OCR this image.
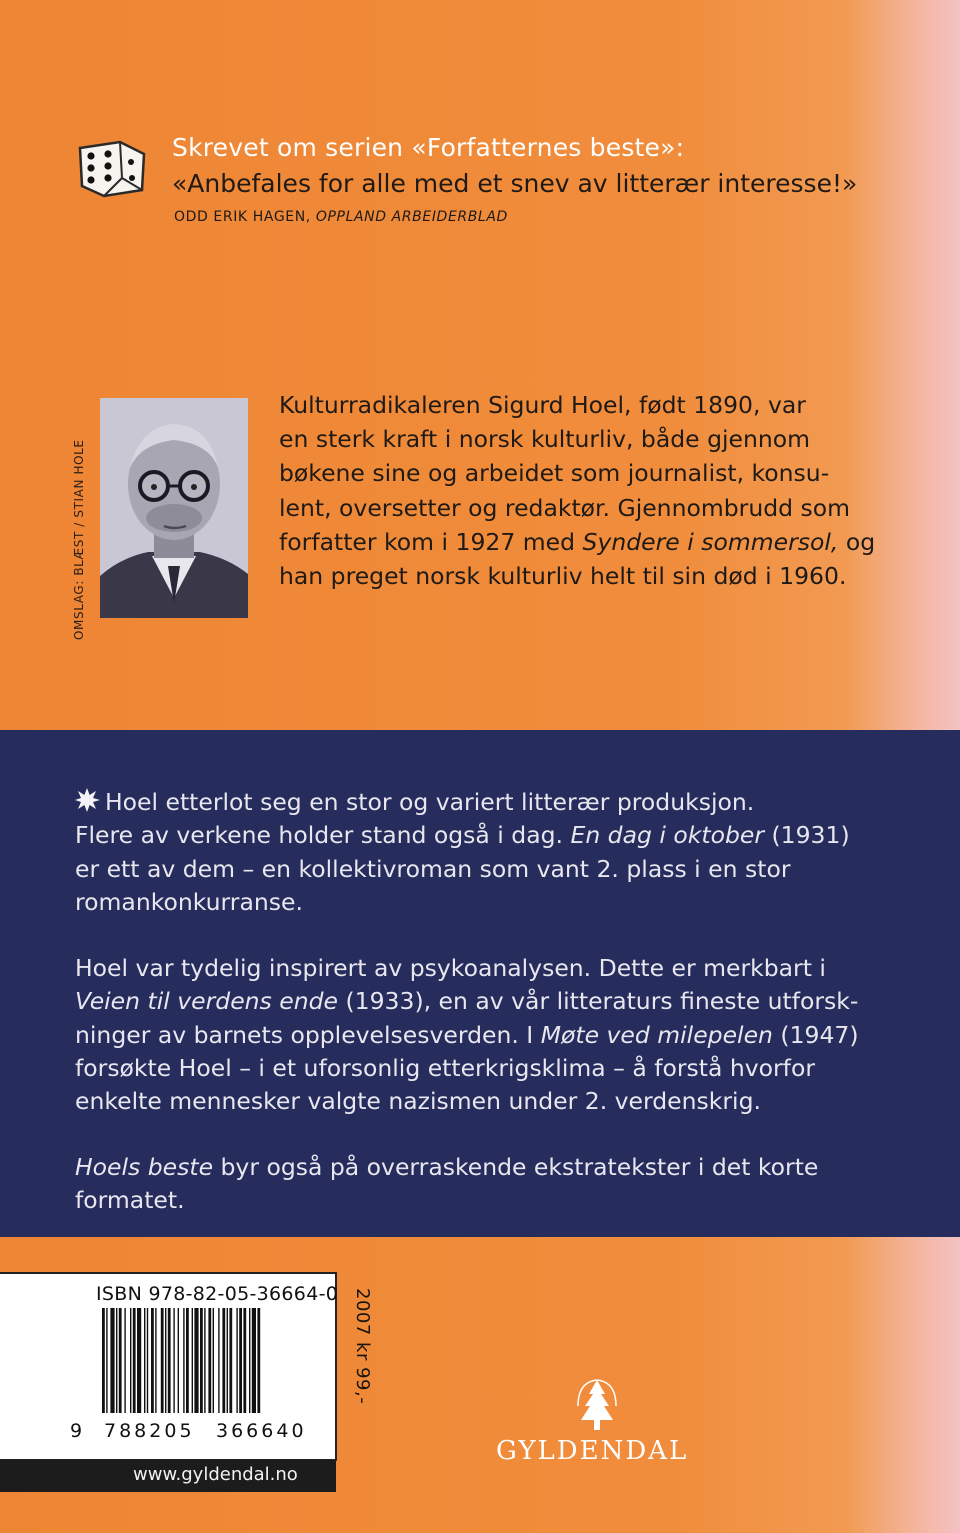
Skrevet om serien «Forfatternes beste»:
«Anbefales for alle med et snev av litterær interesse!»
ODD ERIK HAGEN, OPPLAND ARBEIDERBLAD
OMSLAG: BLÆST / STIAN HOLE
Kulturradikaleren Sigurd Hoel, født 1890, var
en sterk kraft i norsk kulturliv, både gjennom
bøkene sine og arbeidet som journalist, konsu-
lent, oversetter og redaktør. Gjennombrudd som
forfatter kom i 1927 med Syndere i sommersol, og
han preget norsk kulturliv helt til sin død i 1960.
Hoel etterlot seg en stor og variert litterær produksjon.
Flere av verkene holder stand også i dag. En dag i oktober (1931)
er ett av dem – en kollektivroman som vant 2. plass i en stor
romankonkurranse.
Hoel var tydelig inspirert av psykoanalysen. Dette er merkbart i
Veien til verdens ende (1933), en av vår litteraturs fineste utforsk-
ninger av barnets opplevelsesverden. I Møte ved milepelen (1947)
forsøkte Hoel – i et uforsonlig etterkrigsklima – å forstå hvorfor
enkelte mennesker valgte nazismen under 2. verdenskrig.
Hoels beste byr også på overraskende ekstratekster i det korte
formatet.
ISBN 978-82-05-36664-0
9 788205 366640
2007 kr 99,-
www.gyldendal.no
GYLDENDAL
